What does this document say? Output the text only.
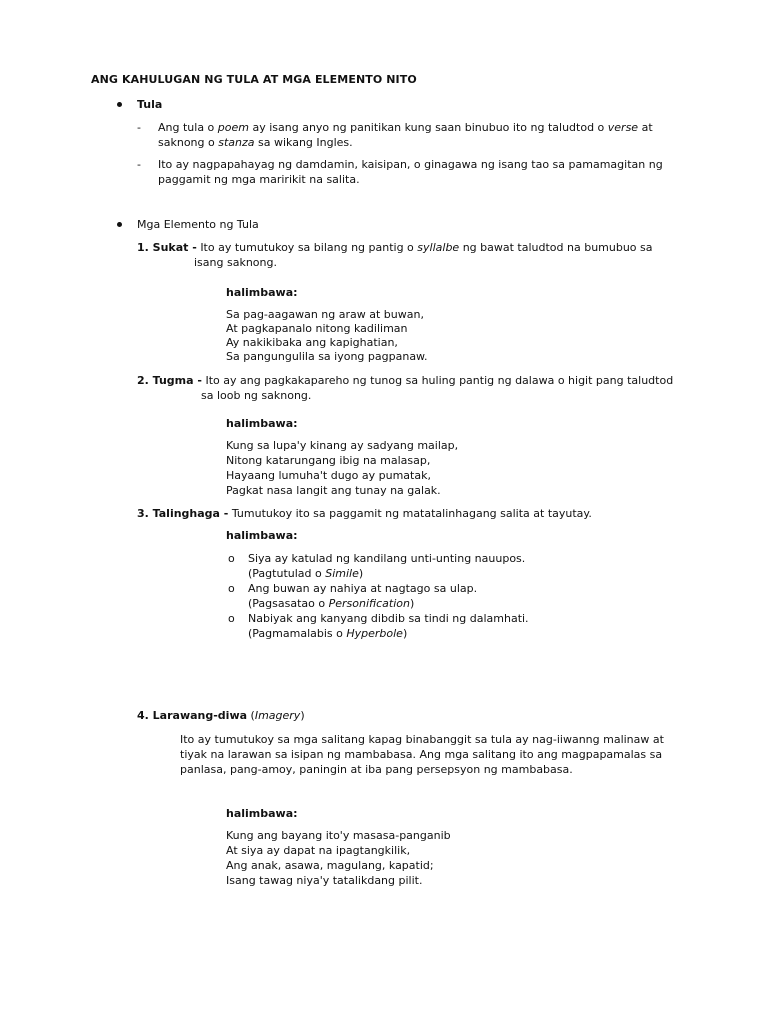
ANG KAHULUGAN NG TULA AT MGA ELEMENTO NITO
Tula
- Ang tula o poem ay isang anyo ng panitikan kung saan binubuo ito ng taludtod o verse at
saknong o stanza sa wikang Ingles.
- Ito ay nagpapahayag ng damdamin, kaisipan, o ginagawa ng isang tao sa pamamagitan ng
paggamit ng mga maririkit na salita.
Mga Elemento ng Tula
1. Sukat - Ito ay tumutukoy sa bilang ng pantig o syllalbe ng bawat taludtod na bumubuo sa
isang saknong.
halimbawa:
Sa pag-aagawan ng araw at buwan,
At pagkapanalo nitong kadiliman
Ay nakikibaka ang kapighatian,
Sa pangungulila sa iyong pagpanaw.
2. Tugma - Ito ay ang pagkakapareho ng tunog sa huling pantig ng dalawa o higit pang taludtod
sa loob ng saknong.
halimbawa:
Kung sa lupa'y kinang ay sadyang mailap,
Nitong katarungang ibig na malasap,
Hayaang lumuha't dugo ay pumatak,
Pagkat nasa langit ang tunay na galak.
3. Talinghaga - Tumutukoy ito sa paggamit ng matatalinhagang salita at tayutay.
halimbawa:
o Siya ay katulad ng kandilang unti-unting nauupos.
(Pagtutulad o Simile)
o Ang buwan ay nahiya at nagtago sa ulap.
(Pagsasatao o Personification)
o Nabiyak ang kanyang dibdib sa tindi ng dalamhati.
(Pagmamalabis o Hyperbole)
4. Larawang-diwa (Imagery)
Ito ay tumutukoy sa mga salitang kapag binabanggit sa tula ay nag-iiwanng malinaw at
tiyak na larawan sa isipan ng mambabasa. Ang mga salitang ito ang magpapamalas sa
panlasa, pang-amoy, paningin at iba pang persepsyon ng mambabasa.
halimbawa:
Kung ang bayang ito'y masasa-panganib
At siya ay dapat na ipagtangkilik,
Ang anak, asawa, magulang, kapatid;
Isang tawag niya'y tatalikdang pilit.
